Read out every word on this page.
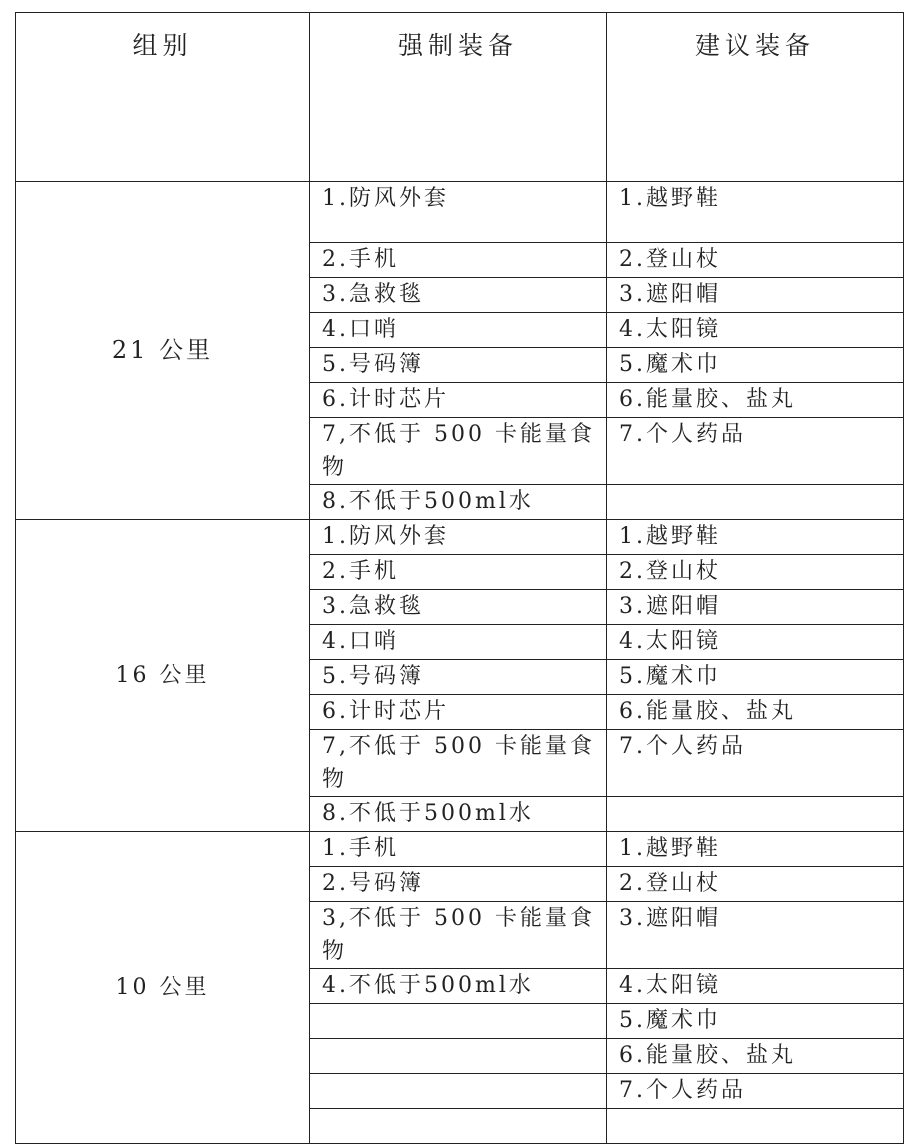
组别	强制装备	建议装备
21 公里	1.防风外套	1.越野鞋
	2.手机	2.登山杖
	3.急救毯	3.遮阳帽
	4.口哨	4.太阳镜
	5.号码簿	5.魔术巾
	6.计时芯片	6.能量胶、盐丸
	7,不低于 500 卡能量食物	7.个人药品
	8.不低于500ml水	
16 公里	1.防风外套	1.越野鞋
	2.手机	2.登山杖
	3.急救毯	3.遮阳帽
	4.口哨	4.太阳镜
	5.号码簿	5.魔术巾
	6.计时芯片	6.能量胶、盐丸
	7,不低于 500 卡能量食物	7.个人药品
	8.不低于500ml水	
10 公里	1.手机	1.越野鞋
	2.号码簿	2.登山杖
	3,不低于 500 卡能量食物	3.遮阳帽
	4.不低于500ml水	4.太阳镜
		5.魔术巾
		6.能量胶、盐丸
		7.个人药品
